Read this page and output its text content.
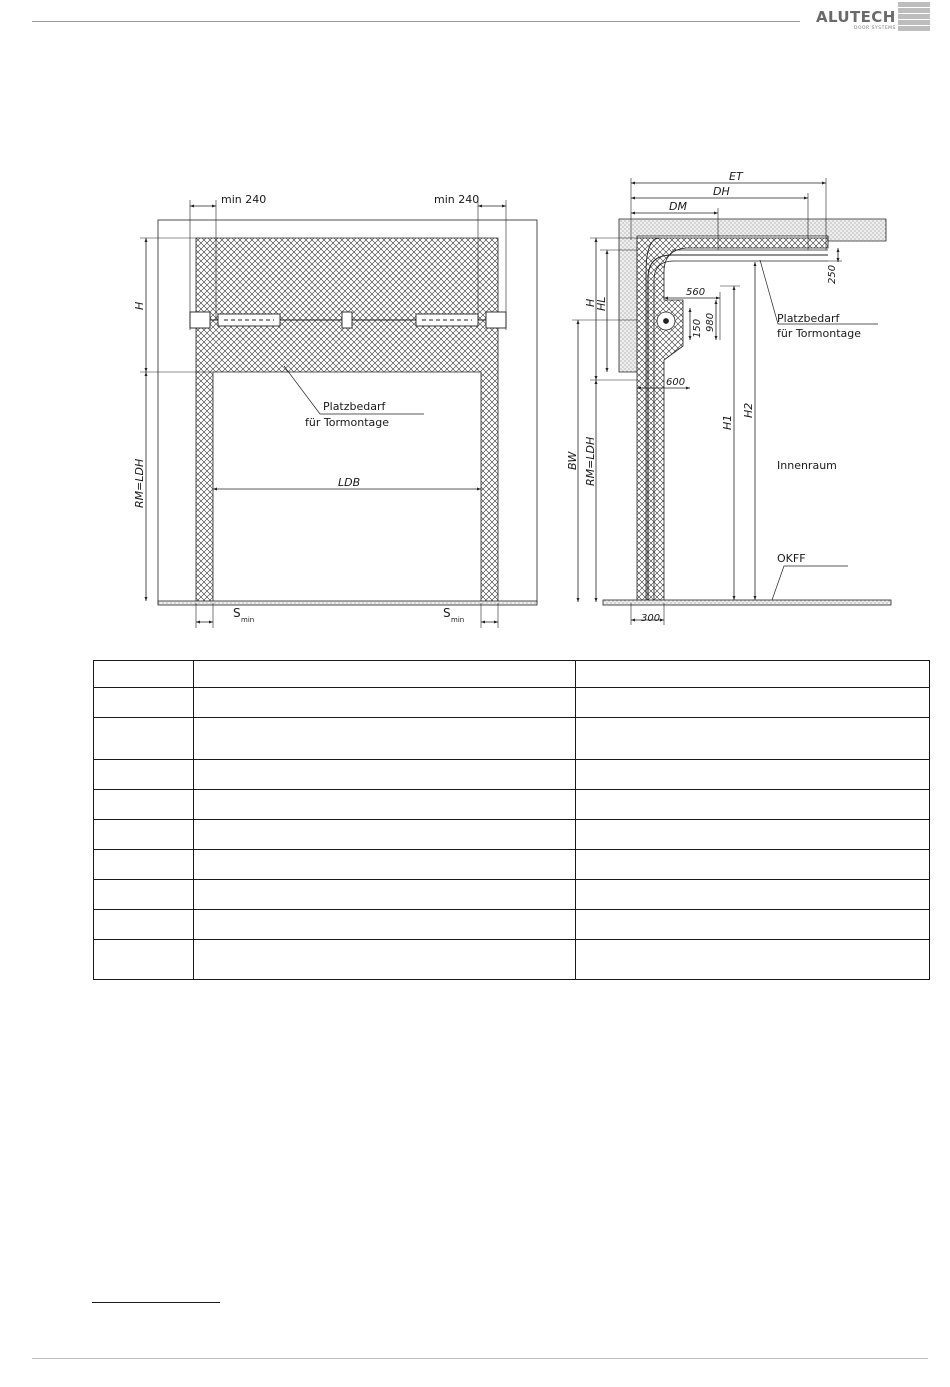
ALUTECH
DOOR SYSTEMS
min 240	min 240
H
RM=LDH	LDB
Platzbedarf
für Tormontage
S min	S min
ET
DH
DM
250
560
150 980
600
300
H
HL
BW RM=LDH
H1
H2
Platzbedarf
für Tormontage
Innenraum
OKFF
